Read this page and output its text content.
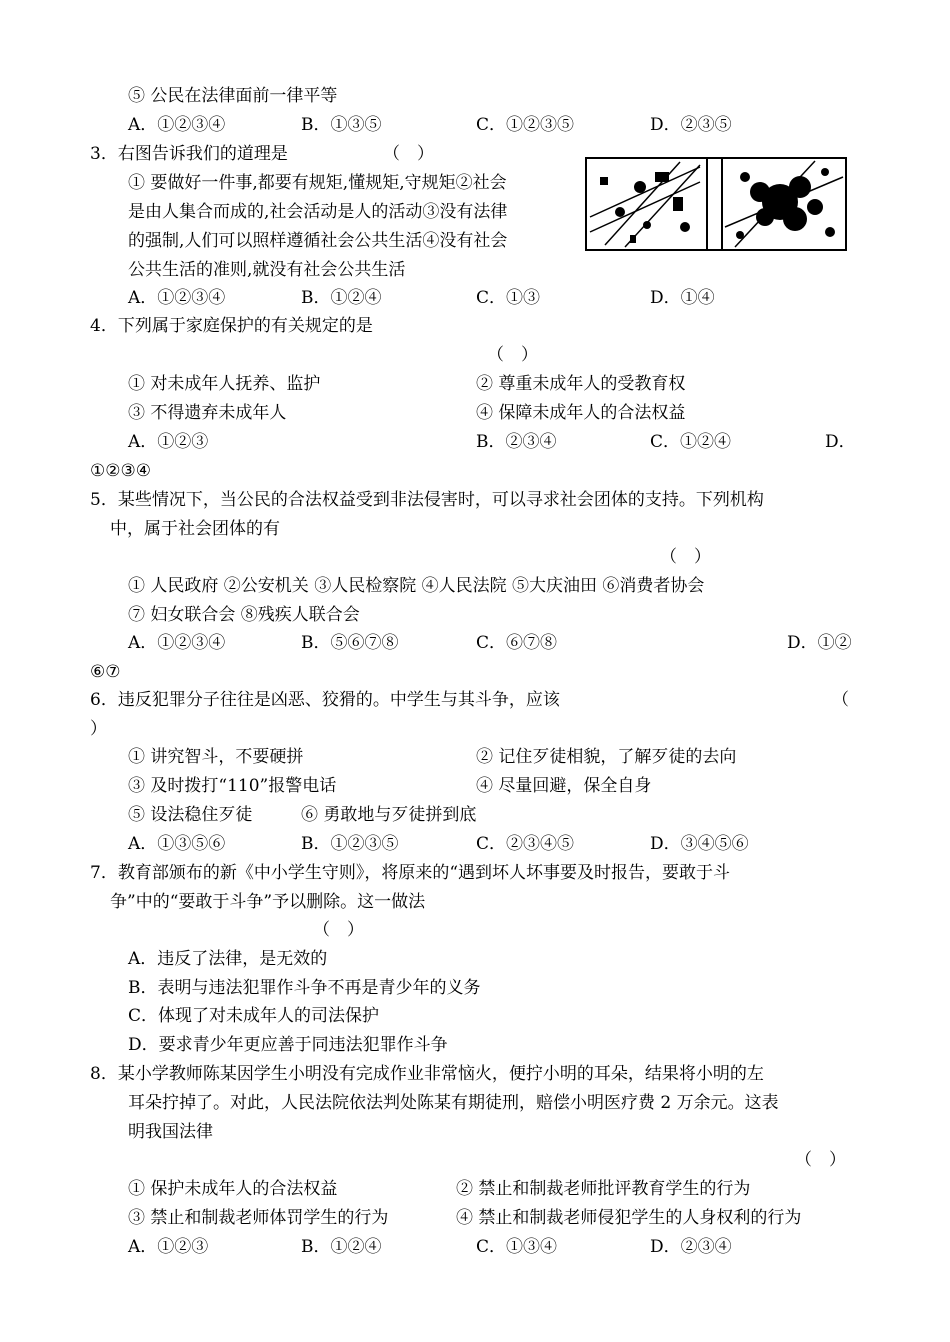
⑤ 公民在法律面前一律平等
A．①②③④	B．①③⑤	C．①②③⑤	D．②③⑤
3．右图告诉我们的道理是	（　）
① 要做好一件事,都要有规矩,懂规矩,守规矩②社会
是由人集合而成的,社会活动是人的活动③没有法律
的强制,人们可以照样遵循社会公共生活④没有社会
公共生活的准则,就没有社会公共生活
A．①②③④	B．①②④	C．①③	D．①④
4．下列属于家庭保护的有关规定的是
（　）
① 对未成年人抚养、监护	② 尊重未成年人的受教育权
③ 不得遗弃未成年人	④ 保障未成年人的合法权益
A．①②③	B．②③④	C．①②④	D．
①②③④
5．某些情况下，当公民的合法权益受到非法侵害时，可以寻求社会团体的支持。下列机构
中，属于社会团体的有
（　）
① 人民政府 ②公安机关 ③人民检察院 ④人民法院 ⑤大庆油田 ⑥消费者协会
⑦ 妇女联合会 ⑧残疾人联合会
A．①②③④	B．⑤⑥⑦⑧	C．⑥⑦⑧	D．①②
⑥⑦
6．违反犯罪分子往往是凶恶、狡猾的。中学生与其斗争，应该	（
）
① 讲究智斗，不要硬拼	② 记住歹徒相貌，了解歹徒的去向
③ 及时拨打“110”报警电话	④ 尽量回避，保全自身
⑤ 设法稳住歹徒	⑥ 勇敢地与歹徒拼到底
A．①③⑤⑥	B．①②③⑤	C．②③④⑤	D．③④⑤⑥
7．教育部颁布的新《中小学生守则》，将原来的“遇到坏人坏事要及时报告，要敢于斗
争”中的“要敢于斗争”予以删除。这一做法
（　）
A．违反了法律，是无效的
B．表明与违法犯罪作斗争不再是青少年的义务
C．体现了对未成年人的司法保护
D．要求青少年更应善于同违法犯罪作斗争
8．某小学教师陈某因学生小明没有完成作业非常恼火，便拧小明的耳朵，结果将小明的左
耳朵拧掉了。对此，人民法院依法判处陈某有期徒刑，赔偿小明医疗费 2 万余元。这表
明我国法律
（　）
① 保护未成年人的合法权益	② 禁止和制裁老师批评教育学生的行为
③ 禁止和制裁老师体罚学生的行为	④ 禁止和制裁老师侵犯学生的人身权利的行为
A．①②③	B．①②④	C．①③④	D．②③④
